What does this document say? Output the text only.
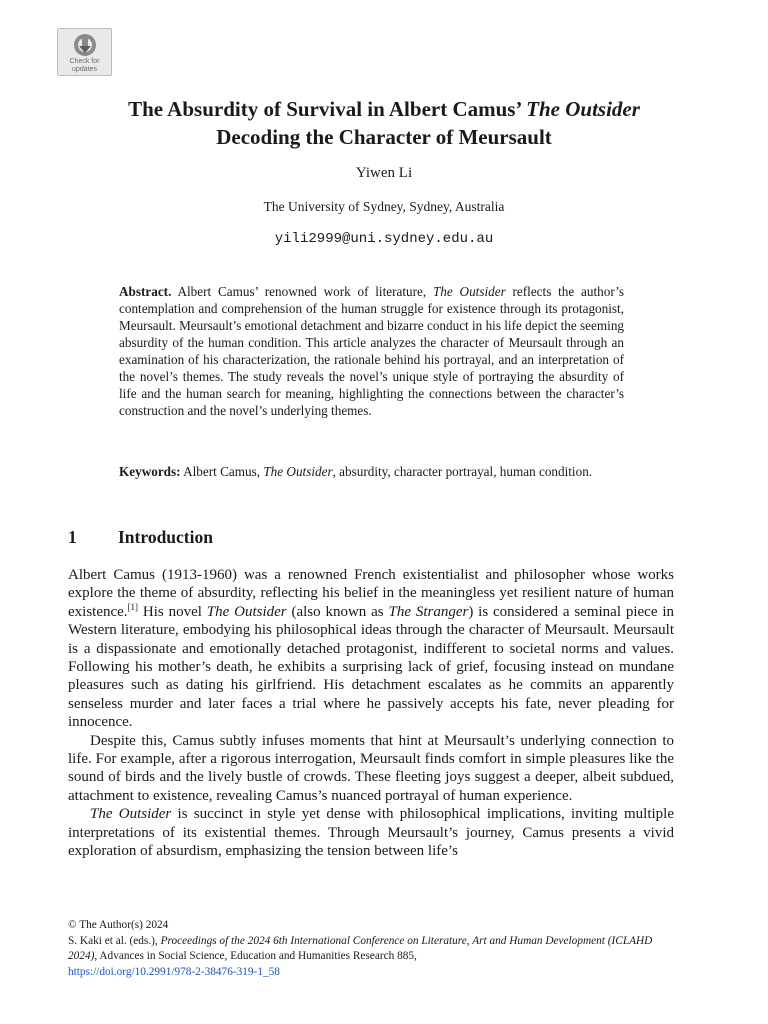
Check for
updates
The Absurdity of Survival in Albert Camus’ The Outsider
Decoding the Character of Meursault

Yiwen Li

The University of Sydney, Sydney, Australia

yili2999@uni.sydney.edu.au

Abstract. Albert Camus’ renowned work of literature, The Outsider reflects the author’s contemplation and comprehension of the human struggle for existence through its protagonist, Meursault. Meursault’s emotional detachment and bizarre conduct in his life depict the seeming absurdity of the human condition. This article analyzes the character of Meursault through an examination of his characterization, the rationale behind his portrayal, and an interpretation of the novel’s themes. The study reveals the novel’s unique style of portraying the absurdity of life and the human search for meaning, highlighting the connections between the character’s construction and the novel’s underlying themes.

Keywords: Albert Camus, The Outsider, absurdity, character portrayal, human condition.

1 Introduction

Albert Camus (1913-1960) was a renowned French existentialist and philosopher whose works explore the theme of absurdity, reflecting his belief in the meaningless yet resilient nature of human existence.[1] His novel The Outsider (also known as The Stranger) is considered a seminal piece in Western literature, embodying his philosophical ideas through the character of Meursault. Meursault is a dispassionate and emotionally detached protagonist, indifferent to societal norms and values. Following his mother’s death, he exhibits a surprising lack of grief, focusing instead on mundane pleasures such as dating his girlfriend. His detachment escalates as he commits an apparently senseless murder and later faces a trial where he passively accepts his fate, never pleading for innocence.

Despite this, Camus subtly infuses moments that hint at Meursault’s underlying connection to life. For example, after a rigorous interrogation, Meursault finds comfort in simple pleasures like the sound of birds and the lively bustle of crowds. These fleeting joys suggest a deeper, albeit subdued, attachment to existence, revealing Camus’s nuanced portrayal of human experience.

The Outsider is succinct in style yet dense with philosophical implications, inviting multiple interpretations of its existential themes. Through Meursault’s journey, Camus presents a vivid exploration of absurdism, emphasizing the tension between life’s

© The Author(s) 2024
S. Kaki et al. (eds.), Proceedings of the 2024 6th International Conference on Literature, Art and Human Development (ICLAHD 2024), Advances in Social Science, Education and Humanities Research 885,
https://doi.org/10.2991/978-2-38476-319-1_58
